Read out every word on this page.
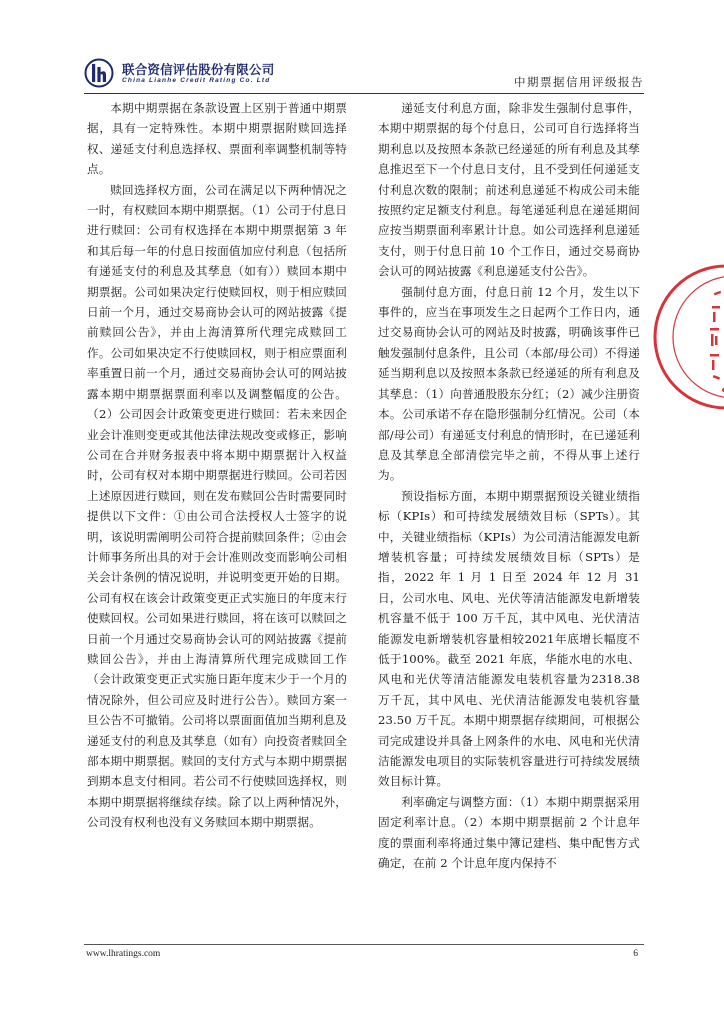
联合资信评估股份有限公司
China Lianhe Credit Rating Co. Ltd	中期票据信用评级报告

本期中期票据在条款设置上区别于普通中期票据，具有一定特殊性。本期中期票据附赎回选择权、递延支付利息选择权、票面利率调整机制等特点。

赎回选择权方面，公司在满足以下两种情况之一时，有权赎回本期中期票据。（1）公司于付息日进行赎回：公司有权选择在本期中期票据第 3 年和其后每一年的付息日按面值加应付利息（包括所有递延支付的利息及其孳息（如有））赎回本期中期票据。公司如果决定行使赎回权，则于相应赎回日前一个月，通过交易商协会认可的网站披露《提前赎回公告》，并由上海清算所代理完成赎回工作。公司如果决定不行使赎回权，则于相应票面利率重置日前一个月，通过交易商协会认可的网站披露本期中期票据票面利率以及调整幅度的公告。（2）公司因会计政策变更进行赎回：若未来因企业会计准则变更或其他法律法规改变或修正，影响公司在合并财务报表中将本期中期票据计入权益时，公司有权对本期中期票据进行赎回。公司若因上述原因进行赎回，则在发布赎回公告时需要同时提供以下文件：①由公司合法授权人士签字的说明，该说明需阐明公司符合提前赎回条件；②由会计师事务所出具的对于会计准则改变而影响公司相关会计条例的情况说明，并说明变更开始的日期。公司有权在该会计政策变更正式实施日的年度末行使赎回权。公司如果进行赎回，将在该可以赎回之日前一个月通过交易商协会认可的网站披露《提前赎回公告》，并由上海清算所代理完成赎回工作（会计政策变更正式实施日距年度末少于一个月的情况除外，但公司应及时进行公告）。赎回方案一旦公告不可撤销。公司将以票面面值加当期利息及递延支付的利息及其孳息（如有）向投资者赎回全部本期中期票据。赎回的支付方式与本期中期票据到期本息支付相同。若公司不行使赎回选择权，则本期中期票据将继续存续。除了以上两种情况外，公司没有权利也没有义务赎回本期中期票据。

递延支付利息方面，除非发生强制付息事件，本期中期票据的每个付息日，公司可自行选择将当期利息以及按照本条款已经递延的所有利息及其孳息推迟至下一个付息日支付，且不受到任何递延支付利息次数的限制；前述利息递延不构成公司未能按照约定足额支付利息。每笔递延利息在递延期间应按当期票面利率累计计息。如公司选择利息递延支付，则于付息日前 10 个工作日，通过交易商协会认可的网站披露《利息递延支付公告》。

强制付息方面，付息日前 12 个月，发生以下事件的，应当在事项发生之日起两个工作日内，通过交易商协会认可的网站及时披露，明确该事件已触发强制付息条件，且公司（本部/母公司）不得递延当期利息以及按照本条款已经递延的所有利息及其孳息：（1）向普通股股东分红；（2）减少注册资本。公司承诺不存在隐形强制分红情况。公司（本部/母公司）有递延支付利息的情形时，在已递延利息及其孳息全部清偿完毕之前，不得从事上述行为。

预设指标方面，本期中期票据预设关键业绩指标（KPIs）和可持续发展绩效目标（SPTs）。其中，关键业绩指标（KPIs）为公司清洁能源发电新增装机容量；可持续发展绩效目标（SPTs）是指，2022 年 1 月 1 日至 2024 年 12 月 31 日，公司水电、风电、光伏等清洁能源发电新增装机容量不低于 100 万千瓦，其中风电、光伏清洁能源发电新增装机容量相较2021年底增长幅度不低于100%。截至 2021 年底，华能水电的水电、风电和光伏等清洁能源发电装机容量为2318.38 万千瓦，其中风电、光伏清洁能源发电装机容量 23.50 万千瓦。本期中期票据存续期间，可根据公司完成建设并具备上网条件的水电、风电和光伏清洁能源发电项目的实际装机容量进行可持续发展绩效目标计算。

利率确定与调整方面：（1）本期中期票据采用固定利率计息。（2）本期中期票据前 2 个计息年度的票面利率将通过集中簿记建档、集中配售方式确定，在前 2 个计息年度内保持不

www.lhratings.com	6
